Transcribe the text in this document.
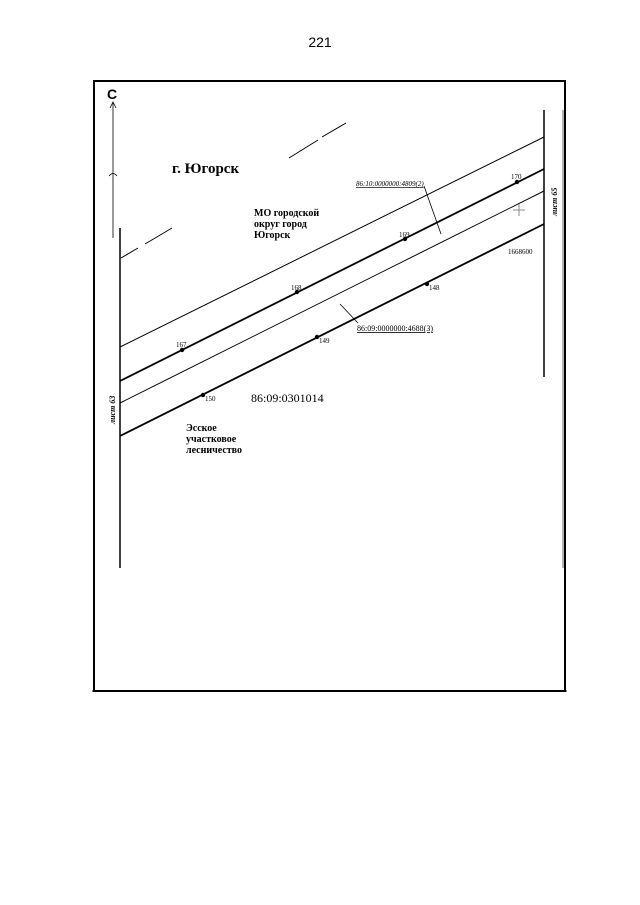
221
С
167
168
169
170
148
149
150
г. Югорск
МО городской
округ город
Югорск
86:10:0000000:4809(2)
86:09:0000000:4688(3)
1668600
86:09:0301014
Эсское
участковое
лесничество
лист 63
лист 65
